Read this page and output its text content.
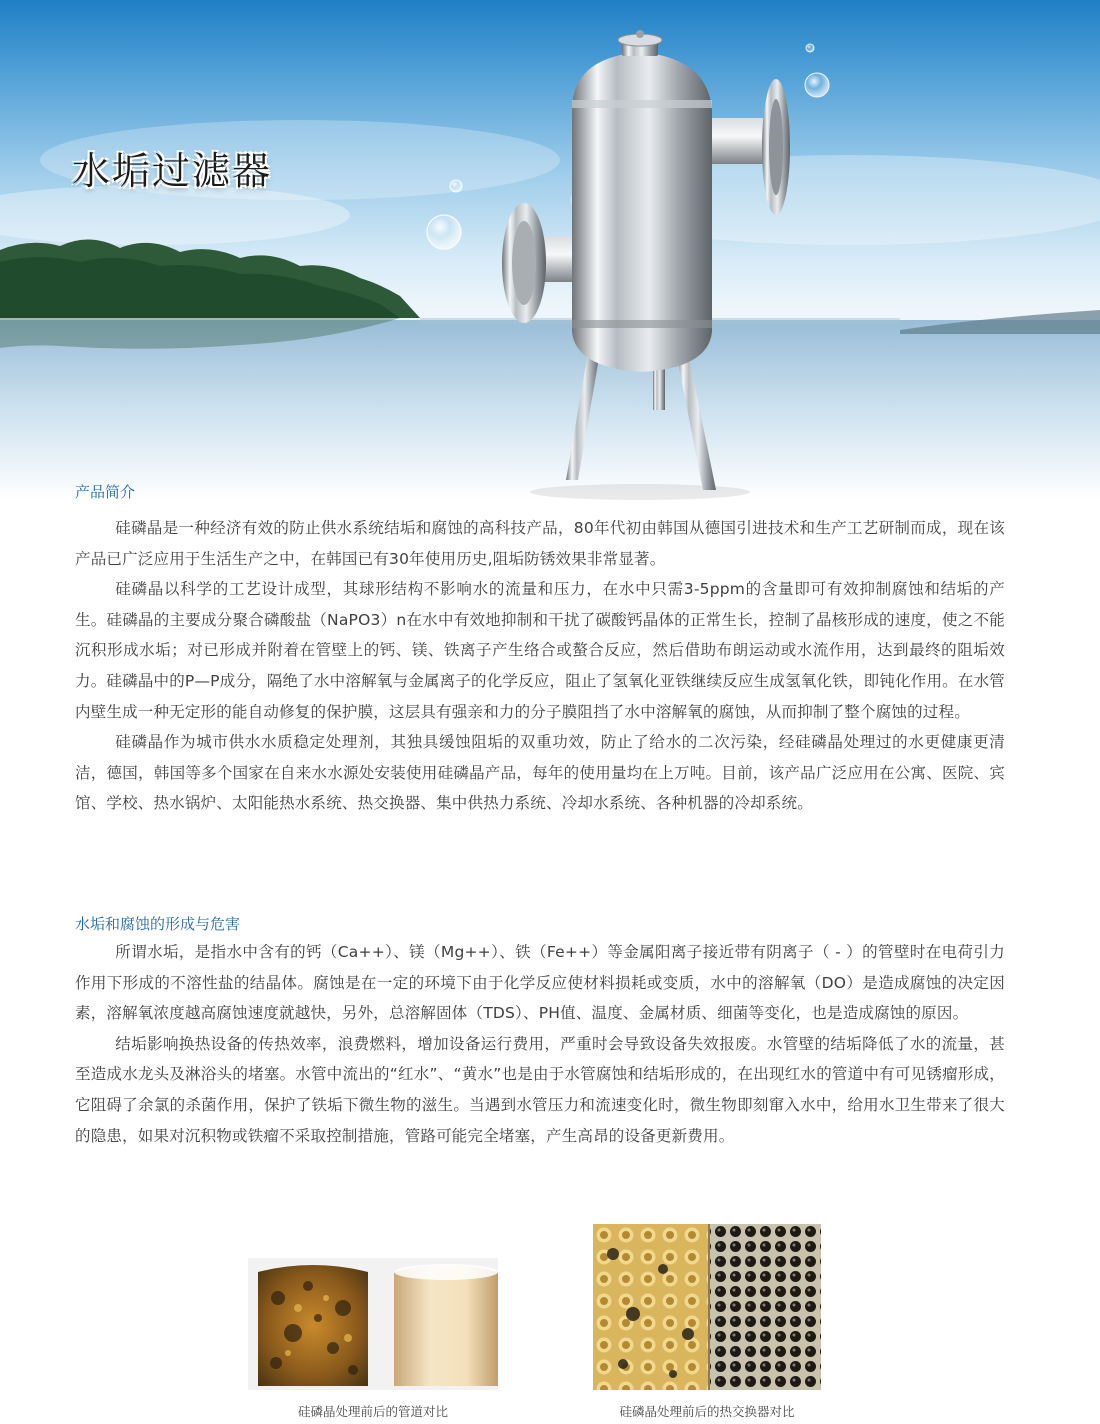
水垢过滤器
产品简介

硅磷晶是一种经济有效的防止供水系统结垢和腐蚀的高科技产品，80年代初由韩国从德国引进技术和生产工艺研制而成，现在该产品已广泛应用于生活生产之中，在韩国已有30年使用历史,阻垢防锈效果非常显著。

硅磷晶以科学的工艺设计成型，其球形结构不影响水的流量和压力，在水中只需3-5ppm的含量即可有效抑制腐蚀和结垢的产生。硅磷晶的主要成分聚合磷酸盐（NaPO3）n在水中有效地抑制和干扰了碳酸钙晶体的正常生长，控制了晶核形成的速度，使之不能沉积形成水垢；对已形成并附着在管壁上的钙、镁、铁离子产生络合或螯合反应，然后借助布朗运动或水流作用，达到最终的阻垢效力。硅磷晶中的P—P成分，隔绝了水中溶解氧与金属离子的化学反应，阻止了氢氧化亚铁继续反应生成氢氧化铁，即钝化作用。在水管内壁生成一种无定形的能自动修复的保护膜，这层具有强亲和力的分子膜阻挡了水中溶解氧的腐蚀，从而抑制了整个腐蚀的过程。

硅磷晶作为城市供水水质稳定处理剂，其独具缓蚀阻垢的双重功效，防止了给水的二次污染，经硅磷晶处理过的水更健康更清洁，德国，韩国等多个国家在自来水水源处安装使用硅磷晶产品，每年的使用量均在上万吨。目前，该产品广泛应用在公寓、医院、宾馆、学校、热水锅炉、太阳能热水系统、热交换器、集中供热力系统、冷却水系统、各种机器的冷却系统。

水垢和腐蚀的形成与危害

所谓水垢，是指水中含有的钙（Ca++）、镁（Mg++）、铁（Fe++）等金属阳离子接近带有阴离子（ - ）的管壁时在电荷引力作用下形成的不溶性盐的结晶体。腐蚀是在一定的环境下由于化学反应使材料损耗或变质，水中的溶解氧（DO）是造成腐蚀的决定因素，溶解氧浓度越高腐蚀速度就越快，另外，总溶解固体（TDS）、PH值、温度、金属材质、细菌等变化，也是造成腐蚀的原因。

结垢影响换热设备的传热效率，浪费燃料，增加设备运行费用，严重时会导致设备失效报废。水管壁的结垢降低了水的流量，甚至造成水龙头及淋浴头的堵塞。水管中流出的“红水”、“黄水”也是由于水管腐蚀和结垢形成的，在出现红水的管道中有可见锈瘤形成，它阻碍了余氯的杀菌作用，保护了铁垢下微生物的滋生。当遇到水管压力和流速变化时，微生物即刻窜入水中，给用水卫生带来了很大的隐患，如果对沉积物或铁瘤不采取控制措施，管路可能完全堵塞，产生高昂的设备更新费用。

硅磷晶处理前后的管道对比	硅磷晶处理前后的热交换器对比
